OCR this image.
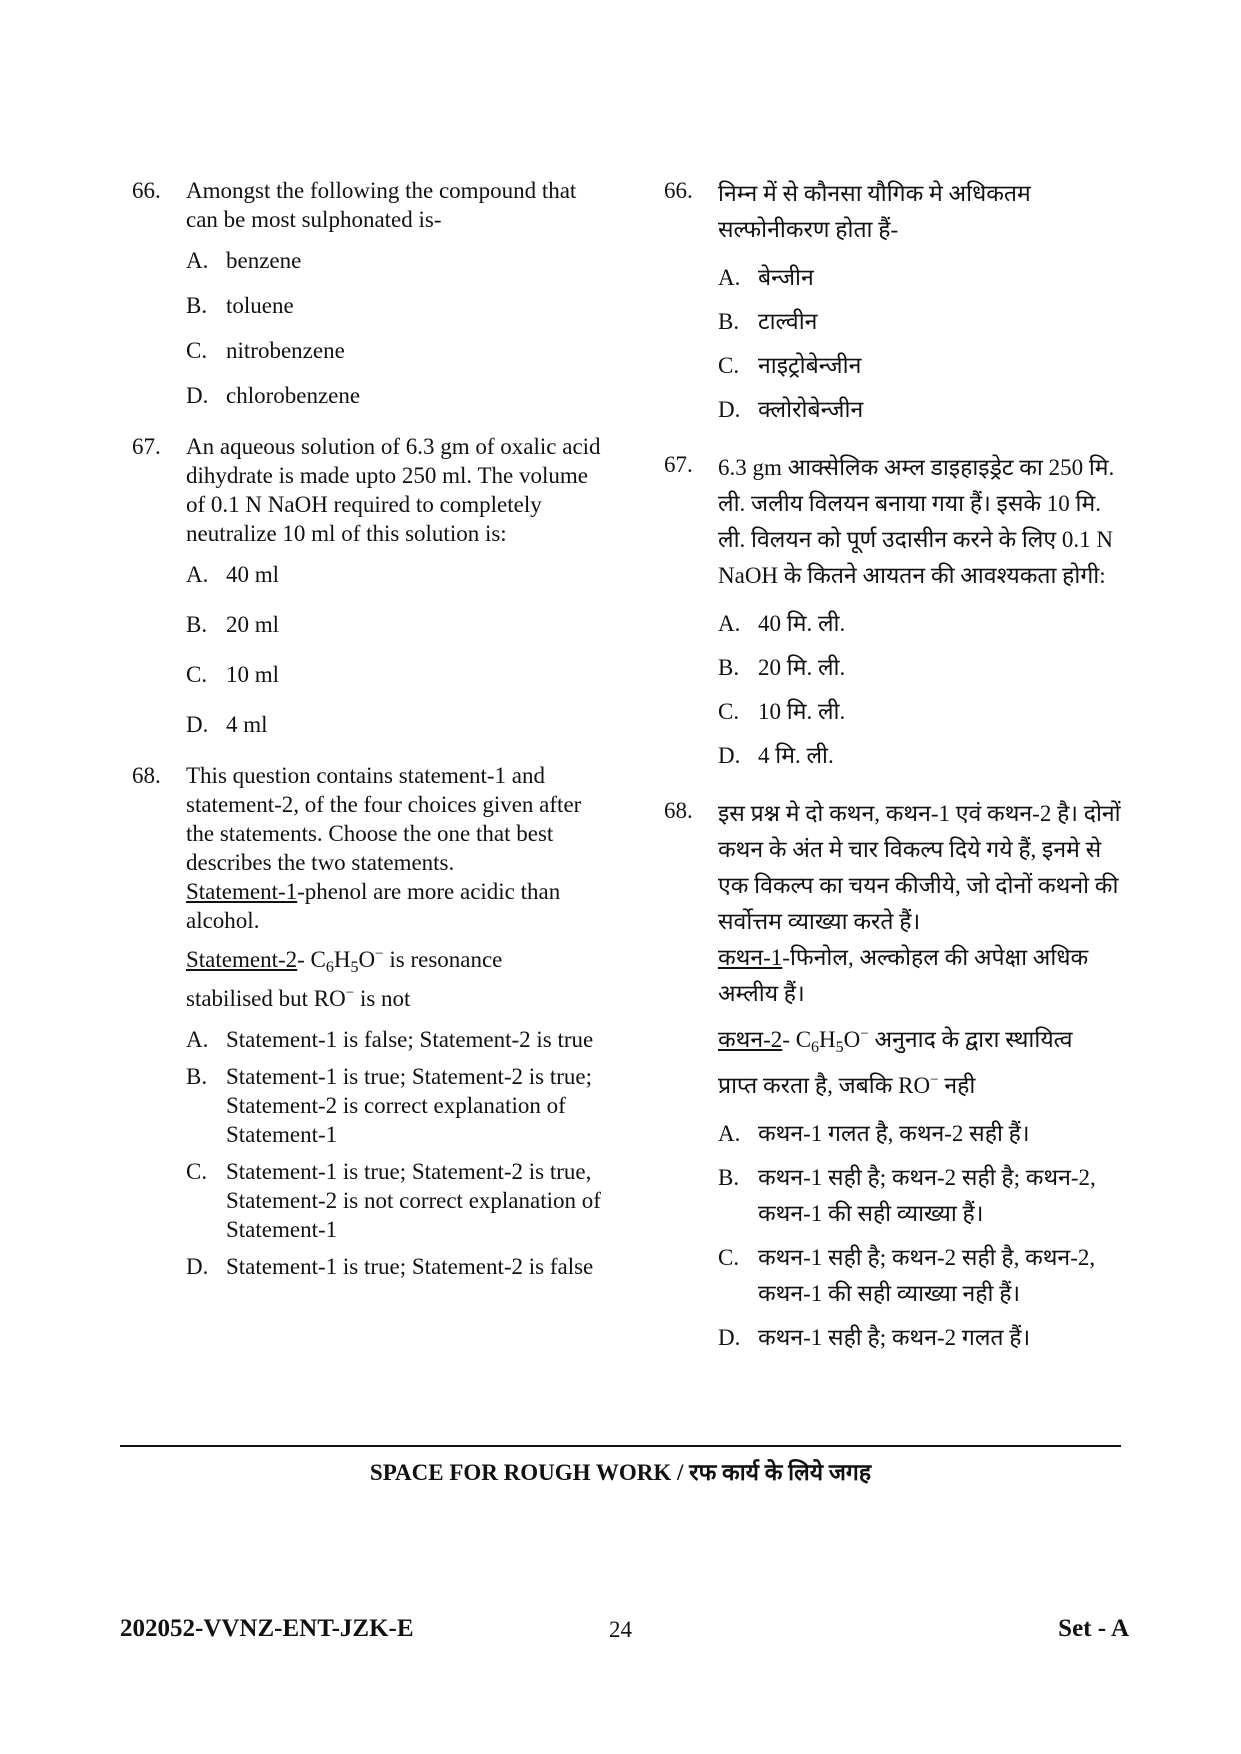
66. Amongst the following the compound that can be most sulphonated is-
A. benzene
B. toluene
C. nitrobenzene
D. chlorobenzene
67. An aqueous solution of 6.3 gm of oxalic acid dihydrate is made upto 250 ml. The volume of 0.1 N NaOH required to completely neutralize 10 ml of this solution is:
A. 40 ml
B. 20 ml
C. 10 ml
D. 4 ml
68. This question contains statement-1 and statement-2, of the four choices given after the statements. Choose the one that best describes the two statements.
Statement-1-phenol are more acidic than alcohol.
Statement-2- $C_6H_5O^-$ is resonance
stabilised but RO− is not
A. Statement-1 is false; Statement-2 is true
B. Statement-1 is true; Statement-2 is true; Statement-2 is correct explanation of Statement-1
C. Statement-1 is true; Statement-2 is true, Statement-2 is not correct explanation of Statement-1
D. Statement-1 is true; Statement-2 is false
66. निम्न में से कौनसा यौगिक मे अधिकतम सल्फोनीकरण होता हैं-
A. बेन्जीन
B. टाल्वीन
C. नाइट्रोबेन्जीन
D. क्लोरोबेन्जीन
67. 6.3 gm आक्सेलिक अम्ल डाइहाइड्रेट का 250 मि. ली. जलीय विलयन बनाया गया हैं। इसके 10 मि. ली. विलयन को पूर्ण उदासीन करने के लिए 0.1 N NaOH के कितने आयतन की आवश्यकता होगी:
A. 40 मि. ली.
B. 20 मि. ली.
C. 10 मि. ली.
D. 4 मि. ली.
68. इस प्रश्न मे दो कथन, कथन-1 एवं कथन-2 है। दोनों कथन के अंत मे चार विकल्प दिये गये हैं, इनमे से एक विकल्प का चयन कीजीये, जो दोनों कथनो की सर्वोत्तम व्याख्या करते हैं।
कथन-1-फिनोल, अल्कोहल की अपेक्षा अधिक अम्लीय हैं।
कथन-2- $C_6H_5O^-$ अनुनाद के द्वारा स्थायित्व
प्राप्त करता है, जबकि RO− नही
A. कथन-1 गलत है, कथन-2 सही हैं।
B. कथन-1 सही है; कथन-2 सही है; कथन-2, कथन-1 की सही व्याख्या हैं।
C. कथन-1 सही है; कथन-2 सही है, कथन-2, कथन-1 की सही व्याख्या नही हैं।
D. कथन-1 सही है; कथन-2 गलत हैं।
SPACE FOR ROUGH WORK / रफ कार्य के लिये जगह
202052-VVNZ-ENT-JZK-E	24	Set - A
